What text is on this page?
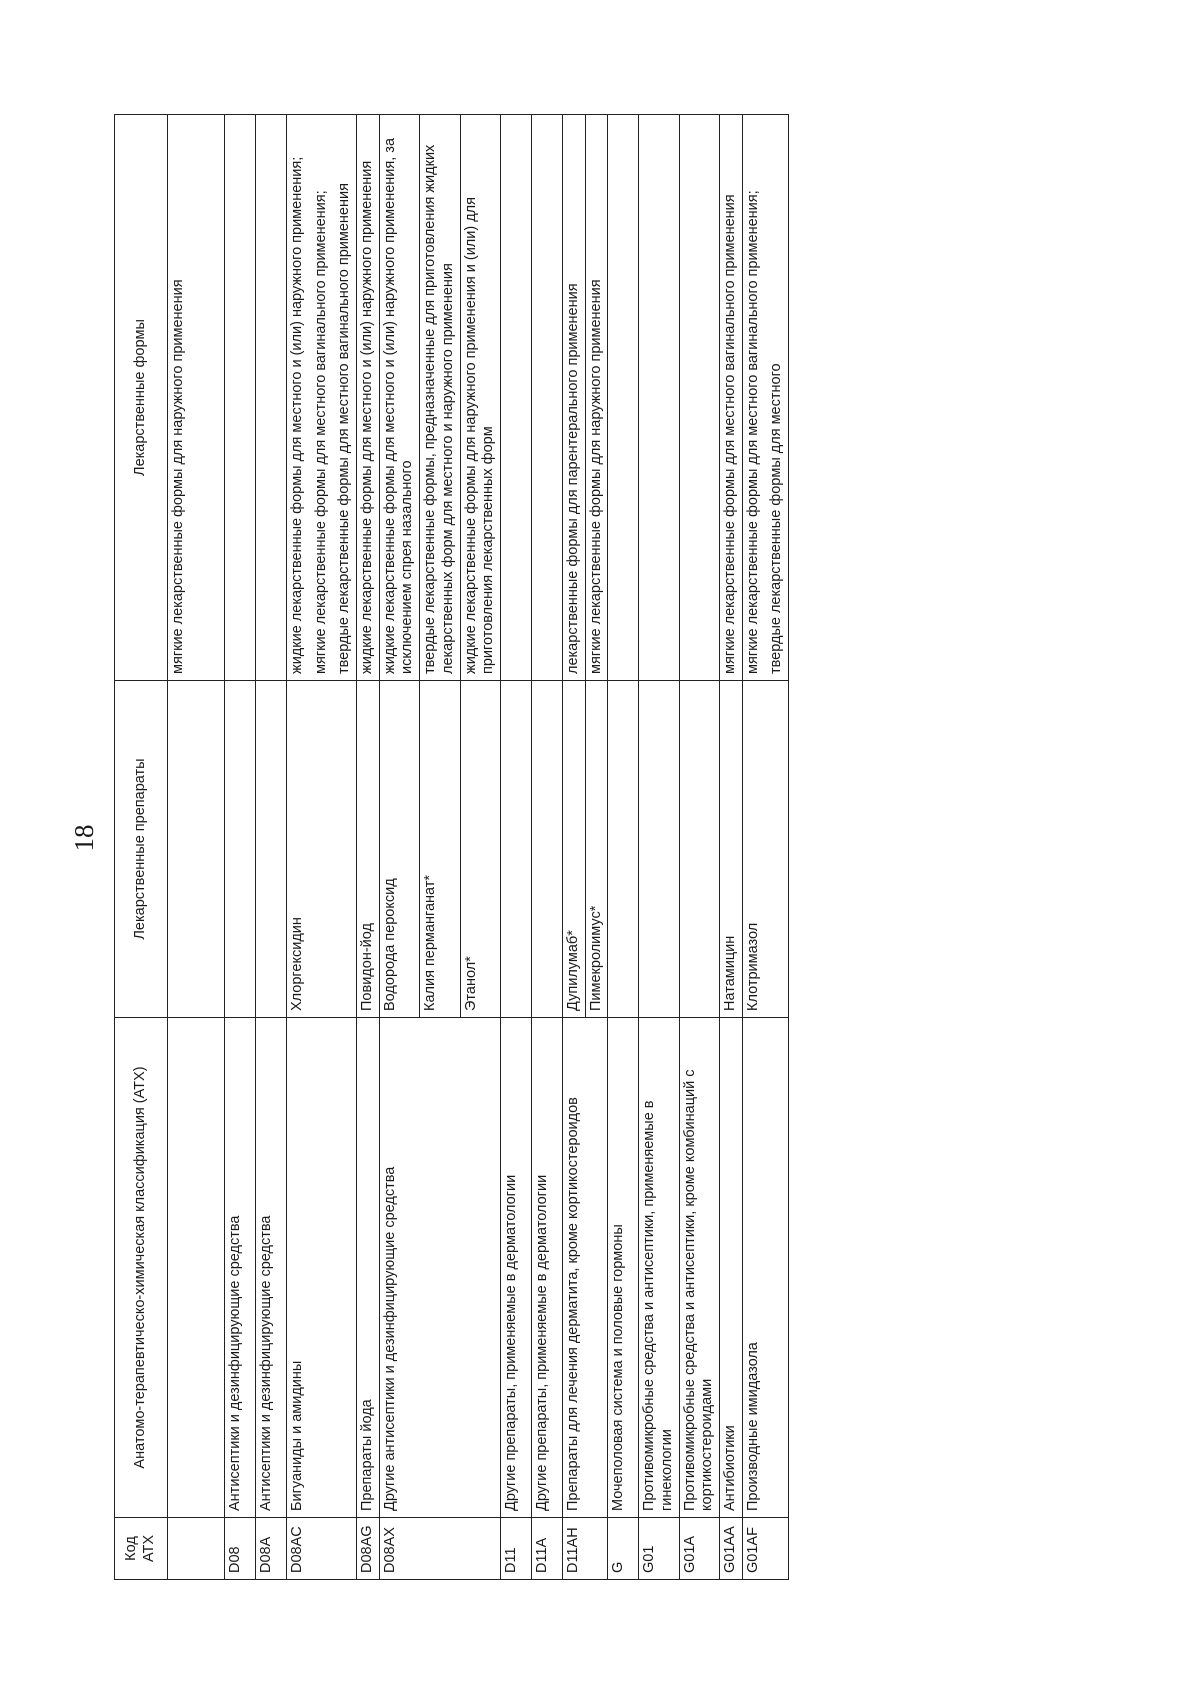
18
Код АТХ	Анатомо-терапевтическо-химическая классификация (АТХ)	Лекарственные препараты	Лекарственные формы

			мягкие лекарственные формы для наружного применения

D08	Антисептики и дезинфицирующие средства		
D08A	Антисептики и дезинфицирующие средства		
D08AC	Бигуаниды и амидины	Хлоргексидин	жидкие лекарственные формы для местного и (или) наружного применения; мягкие лекарственные формы для местного вагинального применения; твердые лекарственные формы для местного вагинального применения

D08AG	Препараты йода	Повидон-йод	жидкие лекарственные формы для местного и (или) наружного применения
D08AX	Другие антисептики и дезинфицирующие средства	Водорода пероксид	жидкие лекарственные формы для местного и (или) наружного применения, за исключением спрея назального
		Калия перманганат*	твердые лекарственные формы, предназначенные для приготовления жидких лекарственных форм для местного и наружного применения
		Этанол*	жидкие лекарственные формы для наружного применения и (или) для приготовления лекарственных форм
D11	Другие препараты, применяемые в дерматологии		
D11A	Другие препараты, применяемые в дерматологии		
D11AH	Препараты для лечения дерматита, кроме кортикостероидов	Дупилумаб*	лекарственные формы для парентерального применения
		Пимекролимус*	мягкие лекарственные формы для наружного применения
G	Мочеполовая система и половые гормоны		
G01	Противомикробные средства и антисептики, применяемые в гинекологии		
G01A	Противомикробные средства и антисептики, кроме комбинаций с кортикостероидами		
G01AA	Антибиотики	Натамицин	мягкие лекарственные формы для местного вагинального применения
G01AF	Производные имидазола	Клотримазол	мягкие лекарственные формы для местного вагинального применения; твердые лекарственные формы для местного
